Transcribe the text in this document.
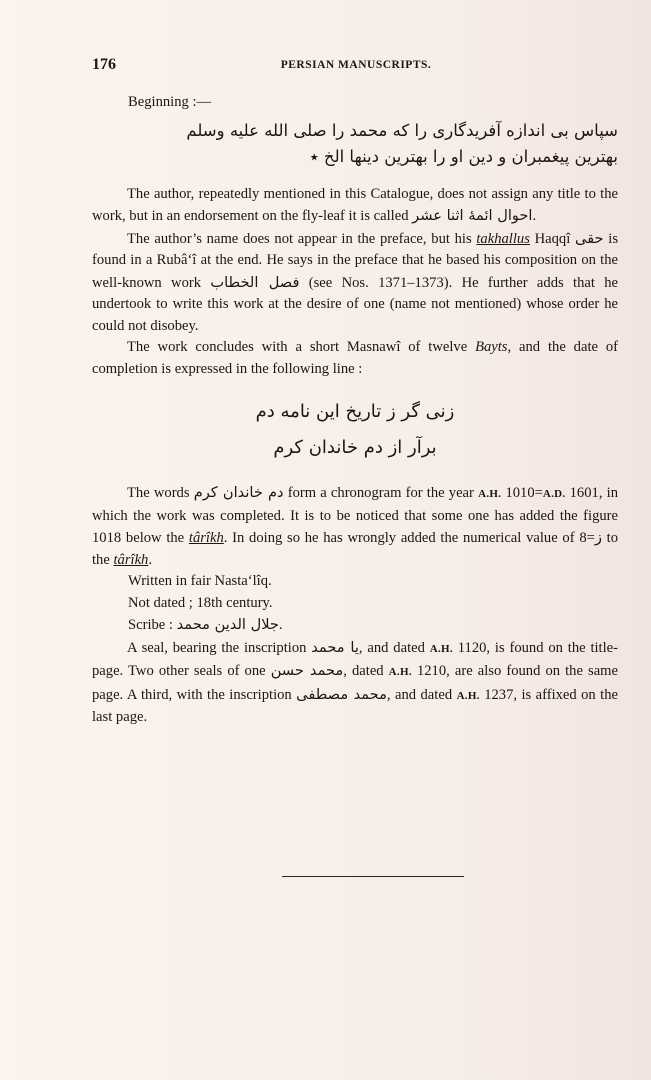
176	PERSIAN MANUSCRIPTS.

Beginning :—

سپاس بی اندازه آفریدگاری را که محمد را صلی الله علیه وسلم

بهترین پیغمبران و دین او را بهترین دینها الخ ٭

The author, repeatedly mentioned in this Catalogue, does not assign any title to the work, but in an endorsement on the fly-leaf it is called احوال ائمهٔ اثنا عشر.

The author’s name does not appear in the preface, but his takhallus Haqqî حقی is found in a Rubâ‘î at the end. He says in the preface that he based his composition on the well-known work فصل الخطاب (see Nos. 1371–1373). He further adds that he undertook to write this work at the desire of one (name not mentioned) whose order he could not disobey.

The work concludes with a short Masnawî of twelve Bayts, and the date of completion is expressed in the following line :

زنی گر ز تاریخ این نامه دم

برآر از دم خاندان کرم

The words دم خاندان کرم form a chronogram for the year A.H. 1010=A.D. 1601, in which the work was completed. It is to be noticed that some one has added the figure 1018 below the târîkh. In doing so he has wrongly added the numerical value of ز=8 to the târîkh.

Written in fair Nasta‘lîq.

Not dated ; 18th century.

Scribe : جلال الدین محمد.

A seal, bearing the inscription یا محمد, and dated A.H. 1120, is found on the title-page. Two other seals of one محمد حسن, dated A.H. 1210, are also found on the same page. A third, with the inscription محمد مصطفی, and dated A.H. 1237, is affixed on the last page.
